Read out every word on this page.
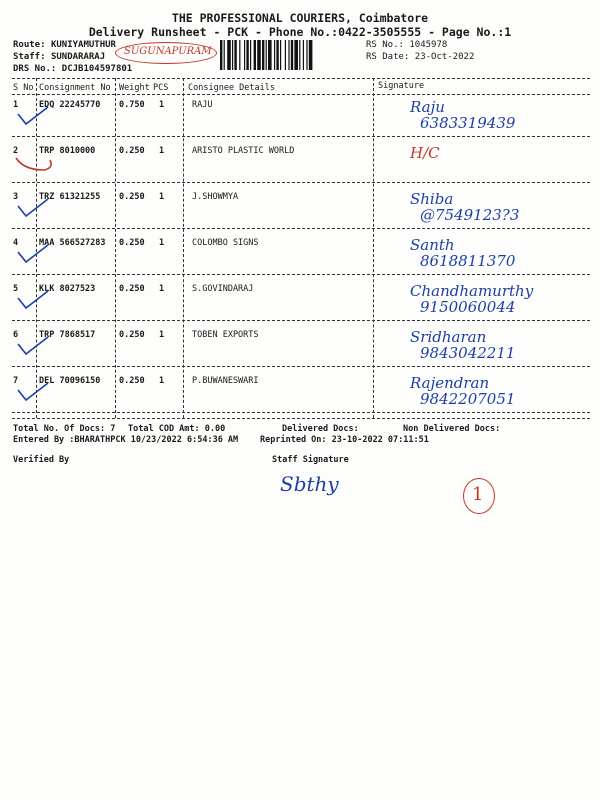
THE PROFESSIONAL COURIERS, Coimbatore
Delivery Runsheet - PCK - Phone No.:0422-3505555 - Page No.:1
Route: KUNIYAMUTHUR
Staff: SUNDARARAJ SUGUNAPURAM
DRS No.: DCJB104597801
RS No.: 1045978
RS Date: 23-Oct-2022
S No Consignment No Weight PCS Consignee Details	Signature
1 EDQ 22245770 0.750 1	RAJU	Raju
6383319439
2 TRP 8010000	0.250 1	ARISTO PLASTIC WORLD	H/C
3 TRZ 61321255 0.250 1	J.SHOWMYA	Shiba
@7549123?3
4 MAA 566527283 0.250 1	COLOMBO SIGNS	Santh
8618811370
5 KLK 8027523	0.250 1	S.GOVINDARAJ	Chandhamurthy
9150060044
6 TRP 7868517	0.250 1	TOBEN EXPORTS	Sridharan
9843042211
7 DEL 70096150 0.250 1	P.BUWANESWARI	Rajendran
9842207051
Total No. Of Docs: 7 Total COD Amt: 0.00	Delivered Docs:	Non Delivered Docs:
Entered By :BHARATHPCK 10/23/2022 6:54:36 AM	Reprinted On: 23-10-2022 07:11:51
Verified By	Staff Signature
Sbthy	1
